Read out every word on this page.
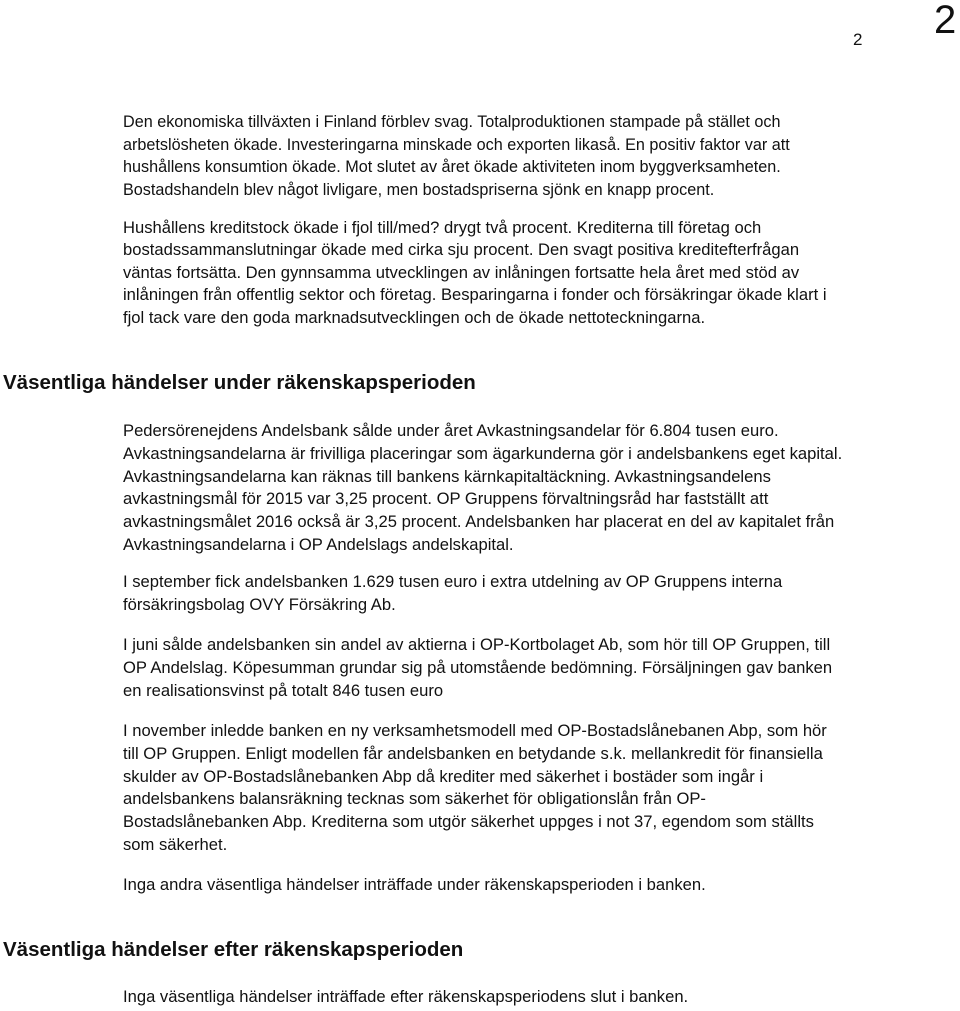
2 2

Den ekonomiska tillväxten i Finland förblev svag. Totalproduktionen stampade på stället och
arbetslösheten ökade. Investeringarna minskade och exporten likaså. En positiv faktor var att
hushållens konsumtion ökade. Mot slutet av året ökade aktiviteten inom byggverksamheten.
Bostadshandeln blev något livligare, men bostadspriserna sjönk en knapp procent.

Hushållens kreditstock ökade i fjol till/med? drygt två procent. Krediterna till företag och
bostadssammanslutningar ökade med cirka sju procent. Den svagt positiva kreditefterfrågan
väntas fortsätta. Den gynnsamma utvecklingen av inlåningen fortsatte hela året med stöd av
inlåningen från offentlig sektor och företag. Besparingarna i fonder och försäkringar ökade klart i
fjol tack vare den goda marknadsutvecklingen och de ökade nettoteckningarna.

Väsentliga händelser under räkenskapsperioden

Pedersörenejdens Andelsbank sålde under året Avkastningsandelar för 6.804 tusen euro.
Avkastningsandelarna är frivilliga placeringar som ägarkunderna gör i andelsbankens eget kapital.
Avkastningsandelarna kan räknas till bankens kärnkapitaltäckning. Avkastningsandelens
avkastningsmål för 2015 var 3,25 procent. OP Gruppens förvaltningsråd har fastställt att
avkastningsmålet 2016 också är 3,25 procent. Andelsbanken har placerat en del av kapitalet från
Avkastningsandelarna i OP Andelslags andelskapital.

I september fick andelsbanken 1.629 tusen euro i extra utdelning av OP Gruppens interna
försäkringsbolag OVY Försäkring Ab.

I juni sålde andelsbanken sin andel av aktierna i OP-Kortbolaget Ab, som hör till OP Gruppen, till
OP Andelslag. Köpesumman grundar sig på utomstående bedömning. Försäljningen gav banken
en realisationsvinst på totalt 846 tusen euro

I november inledde banken en ny verksamhetsmodell med OP-Bostadslånebanen Abp, som hör
till OP Gruppen. Enligt modellen får andelsbanken en betydande s.k. mellankredit för finansiella
skulder av OP-Bostadslånebanken Abp då krediter med säkerhet i bostäder som ingår i
andelsbankens balansräkning tecknas som säkerhet för obligationslån från OP-
Bostadslånebanken Abp. Krediterna som utgör säkerhet uppges i not 37, egendom som ställts
som säkerhet.

Inga andra väsentliga händelser inträffade under räkenskapsperioden i banken.

Väsentliga händelser efter räkenskapsperioden

Inga väsentliga händelser inträffade efter räkenskapsperiodens slut i banken.
